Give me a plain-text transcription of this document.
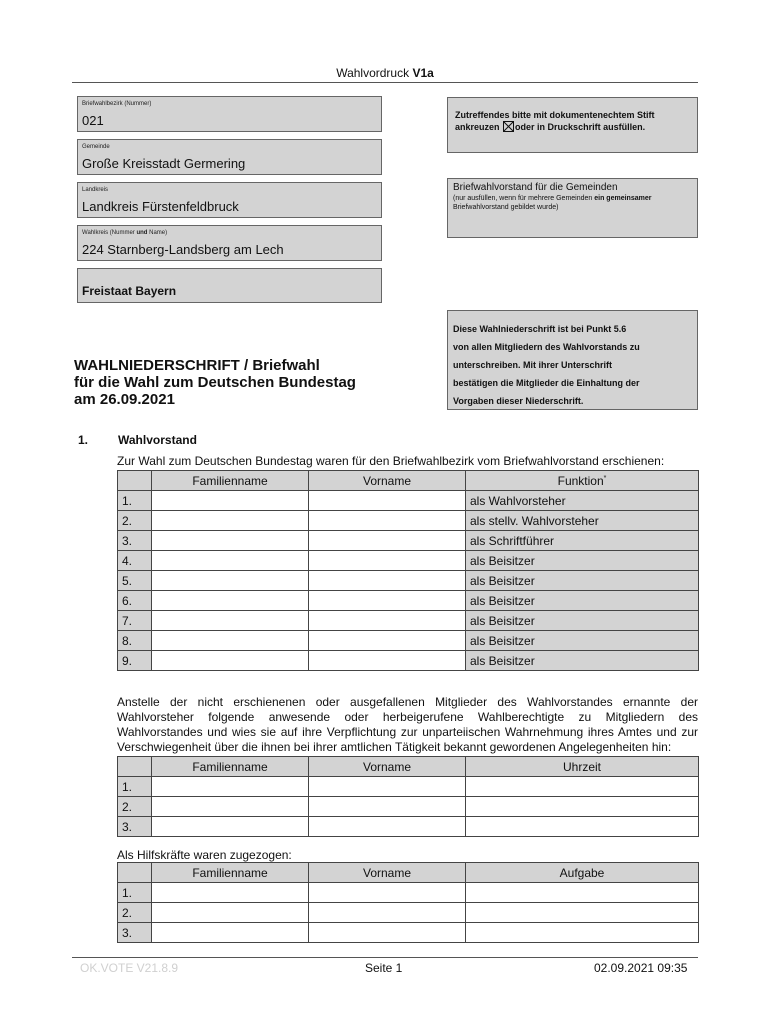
Wahlvordruck V1a
Briefwahlbezirk (Nummer)
021
Gemeinde
Große Kreisstadt Germering
Landkreis
Landkreis Fürstenfeldbruck
Wahlkreis (Nummer und Name)
224 Starnberg-Landsberg am Lech
Freistaat Bayern
Zutreffendes bitte mit dokumentenechtem Stift
ankreuzen oder in Druckschrift ausfüllen.
Briefwahlvorstand für die Gemeinden
(nur ausfüllen, wenn für mehrere Gemeinden ein gemeinsamer
Briefwahlvorstand gebildet wurde)
Diese Wahlniederschrift ist bei Punkt 5.6
von allen Mitgliedern des Wahlvorstands zu
unterschreiben. Mit ihrer Unterschrift
bestätigen die Mitglieder die Einhaltung der
Vorgaben dieser Niederschrift.
WAHLNIEDERSCHRIFT / Briefwahl
für die Wahl zum Deutschen Bundestag
am 26.09.2021
1. Wahlvorstand
Zur Wahl zum Deutschen Bundestag waren für den Briefwahlbezirk vom Briefwahlvorstand erschienen:
	Familienname	Vorname	Funktion*
1.			als Wahlvorsteher
2.			als stellv. Wahlvorsteher
3.			als Schriftführer
4.			als Beisitzer
5.			als Beisitzer
6.			als Beisitzer
7.			als Beisitzer
8.			als Beisitzer
9.			als Beisitzer
Anstelle der nicht erschienenen oder ausgefallenen Mitglieder des Wahlvorstandes ernannte der Wahlvorsteher folgende anwesende oder herbeigerufene Wahlberechtigte zu Mitgliedern des Wahlvorstandes und wies sie auf ihre Verpflichtung zur unparteiischen Wahrnehmung ihres Amtes und zur Verschwiegenheit über die ihnen bei ihrer amtlichen Tätigkeit bekannt gewordenen Angelegenheiten hin:
	Familienname	Vorname	Uhrzeit
1.			
2.			
3.			
Als Hilfskräfte waren zugezogen:
	Familienname	Vorname	Aufgabe
1.			
2.			
3.			
OK.VOTE V21.8.9	Seite 1	02.09.2021 09:35
